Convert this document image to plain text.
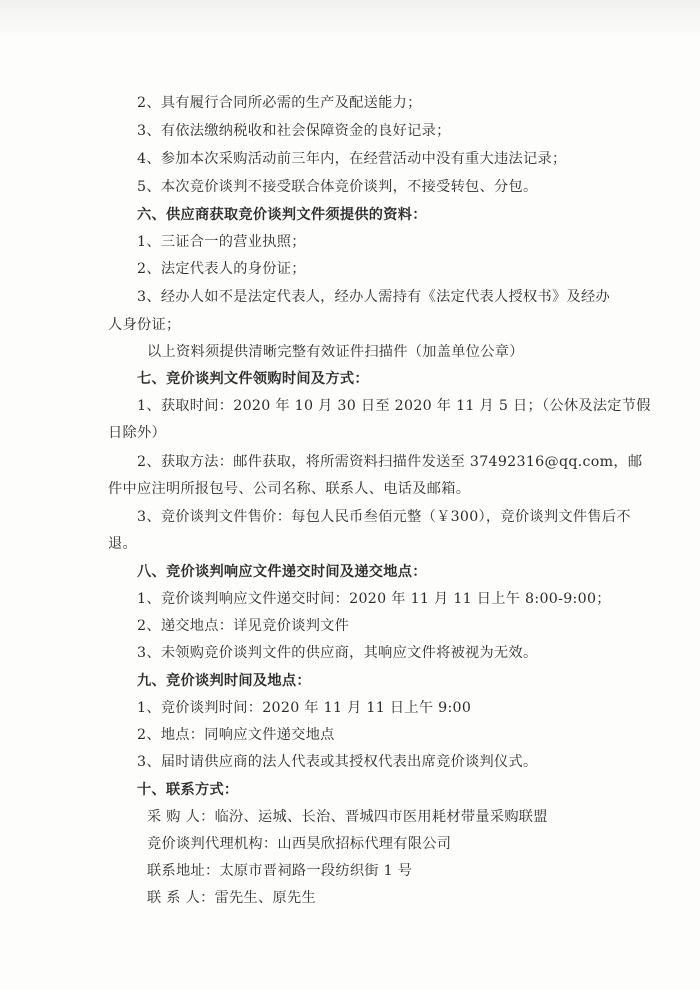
2、具有履行合同所必需的生产及配送能力；
3、有依法缴纳税收和社会保障资金的良好记录；
4、参加本次采购活动前三年内，在经营活动中没有重大违法记录；
5、本次竞价谈判不接受联合体竞价谈判，不接受转包、分包。
六、供应商获取竞价谈判文件须提供的资料：
1、三证合一的营业执照；
2、法定代表人的身份证；
3、经办人如不是法定代表人，经办人需持有《法定代表人授权书》及经办
人身份证；
以上资料须提供清晰完整有效证件扫描件（加盖单位公章）
七、竞价谈判文件领购时间及方式：
1、获取时间：2020 年 10 月 30 日至 2020 年 11 月 5 日；（公休及法定节假
日除外）
2、获取方法：邮件获取，将所需资料扫描件发送至 37492316@qq.com，邮
件中应注明所报包号、公司名称、联系人、电话及邮箱。
3、竞价谈判文件售价：每包人民币叁佰元整（￥300），竞价谈判文件售后不
退。
八、竞价谈判响应文件递交时间及递交地点：
1、竞价谈判响应文件递交时间：2020 年 11 月 11 日上午 8:00-9:00；
2、递交地点：详见竞价谈判文件
3、未领购竞价谈判文件的供应商，其响应文件将被视为无效。
九、竞价谈判时间及地点：
1、竞价谈判时间：2020 年 11 月 11 日上午 9:00
2、地点：同响应文件递交地点
3、届时请供应商的法人代表或其授权代表出席竞价谈判仪式。
十、联系方式：
采 购 人：临汾、运城、长治、晋城四市医用耗材带量采购联盟
竞价谈判代理机构：山西昊欣招标代理有限公司
联系地址：太原市晋祠路一段纺织街 1 号
联 系 人：雷先生、原先生
